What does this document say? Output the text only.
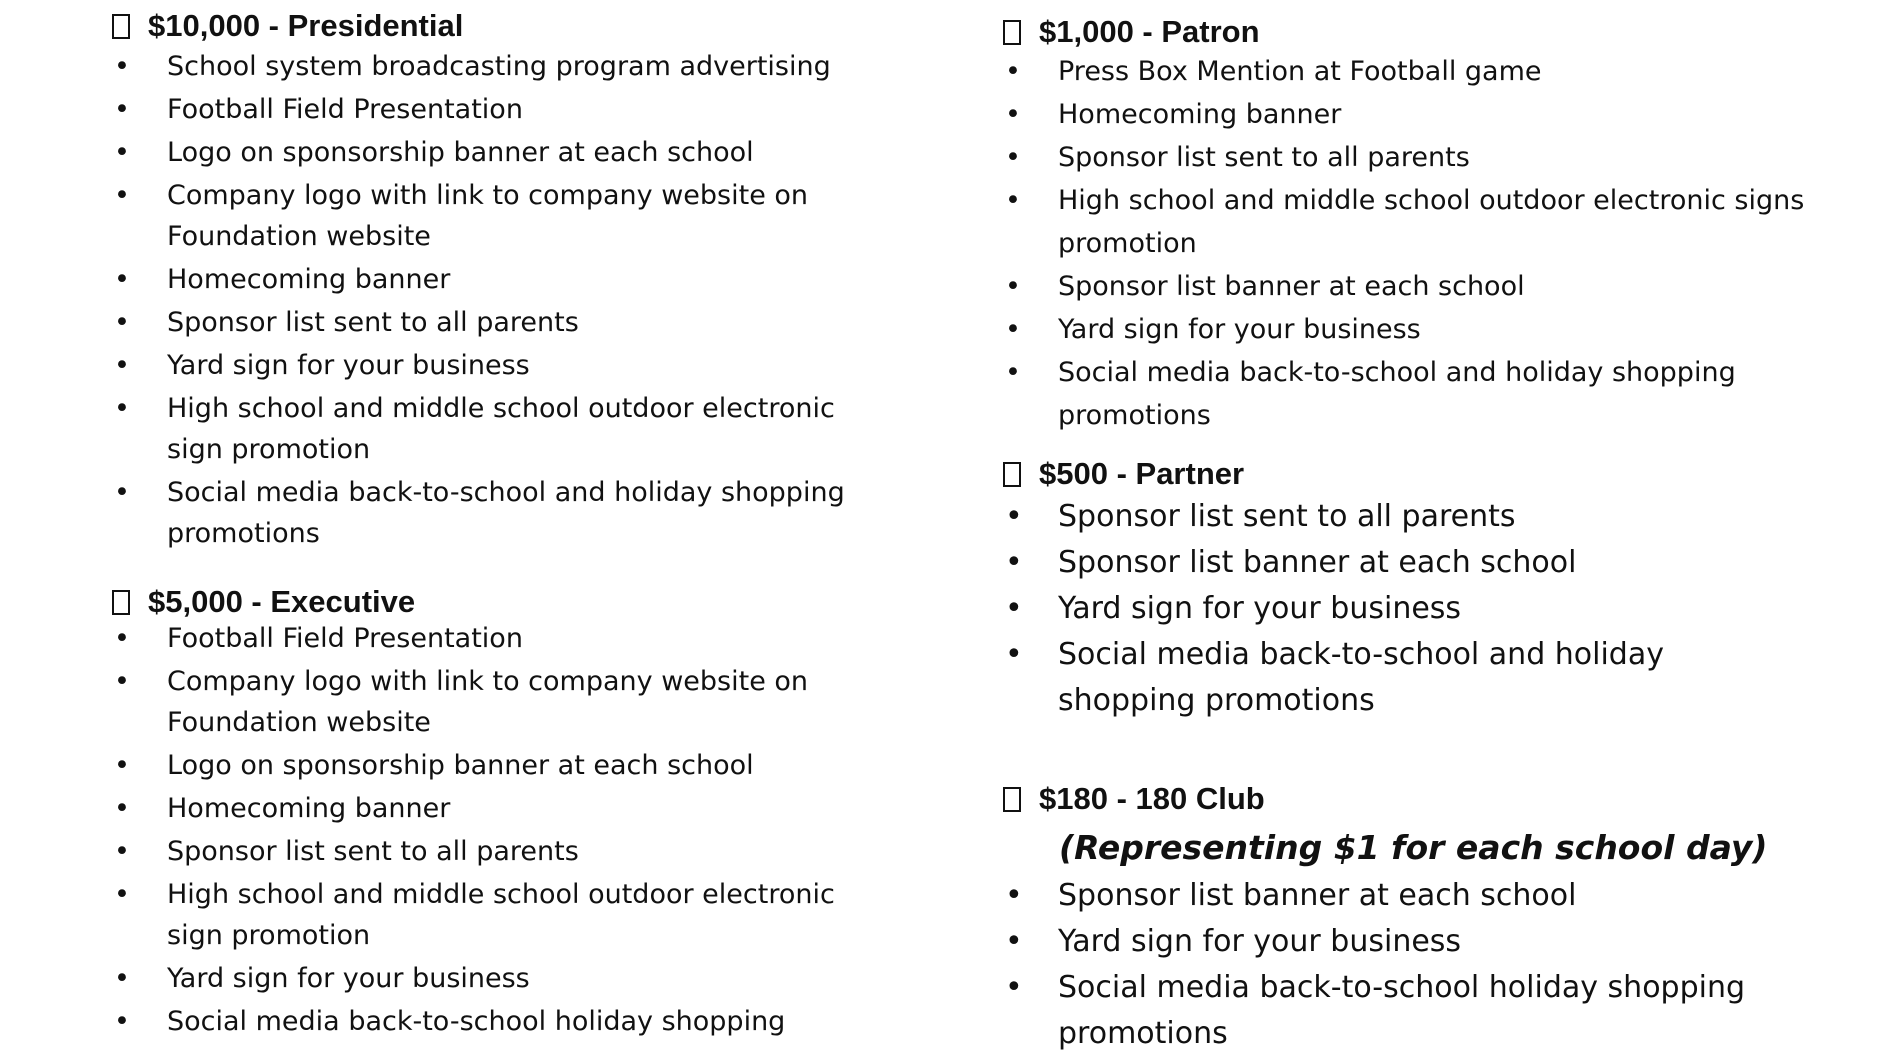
$10,000 - Presidential
• School system broadcasting program advertising
• Football Field Presentation
• Logo on sponsorship banner at each school
• Company logo with link to company website on Foundation website
• Homecoming banner
• Sponsor list sent to all parents
• Yard sign for your business
• High school and middle school outdoor electronic sign promotion
• Social media back-to-school and holiday shopping promotions
$5,000 - Executive
• Football Field Presentation
• Company logo with link to company website on Foundation website
• Logo on sponsorship banner at each school
• Homecoming banner
• Sponsor list sent to all parents
• High school and middle school outdoor electronic sign promotion
• Yard sign for your business
• Social media back-to-school holiday shopping
$1,000 - Patron
• Press Box Mention at Football game
• Homecoming banner
• Sponsor list sent to all parents
• High school and middle school outdoor electronic signs promotion
• Sponsor list banner at each school
• Yard sign for your business
• Social media back-to-school and holiday shopping promotions
$500 - Partner
• Sponsor list sent to all parents
• Sponsor list banner at each school
• Yard sign for your business
• Social media back-to-school and holiday shopping promotions
$180 - 180 Club
(Representing $1 for each school day)
• Sponsor list banner at each school
• Yard sign for your business
• Social media back-to-school holiday shopping promotions
